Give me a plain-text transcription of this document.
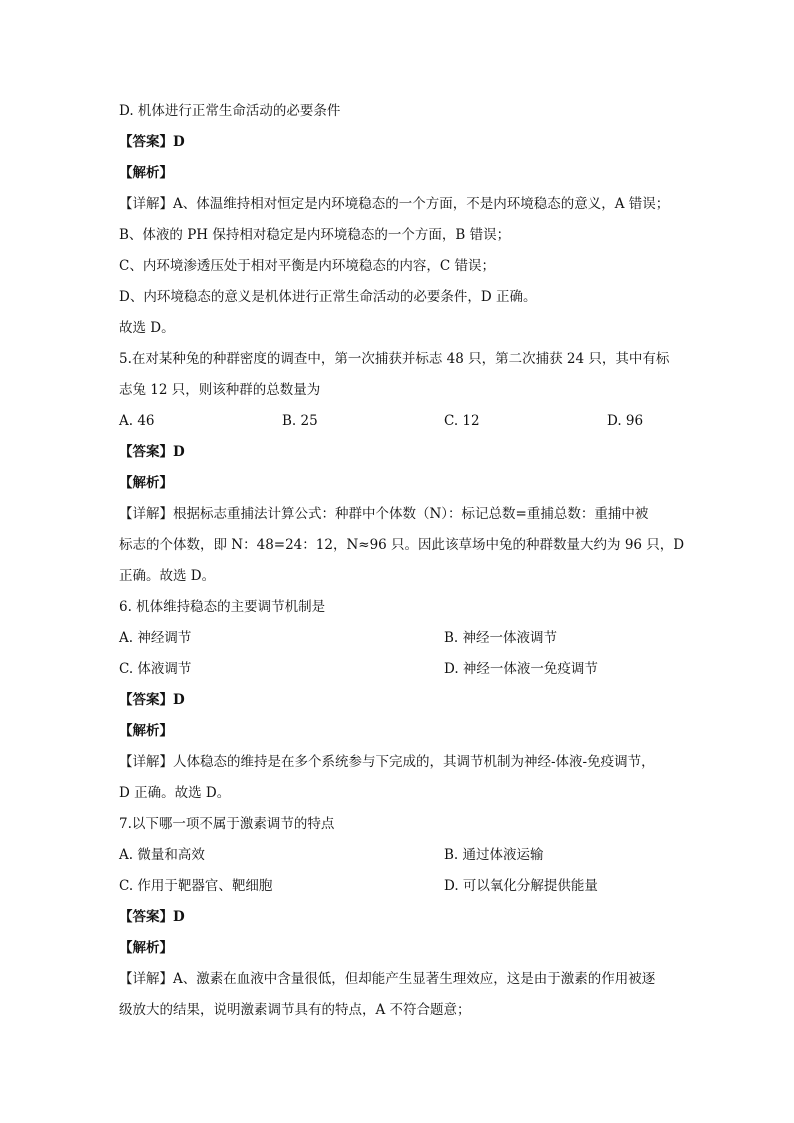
D. 机体进行正常生命活动的必要条件
【答案】D
【解析】
【详解】A、体温维持相对恒定是内环境稳态的一个方面，不是内环境稳态的意义，A 错误；
B、体液的 PH 保持相对稳定是内环境稳态的一个方面，B 错误；
C、内环境渗透压处于相对平衡是内环境稳态的内容，C 错误；
D、内环境稳态的意义是机体进行正常生命活动的必要条件，D 正确。
故选 D。
5.在对某种兔的种群密度的调查中，第一次捕获并标志 48 只，第二次捕获 24 只，其中有标
志兔 12 只，则该种群的总数量为
A. 46	B. 25	C. 12	D. 96
【答案】D
【解析】
【详解】根据标志重捕法计算公式：种群中个体数（N）：标记总数=重捕总数：重捕中被
标志的个体数，即 N：48=24：12，N≈96 只。因此该草场中兔的种群数量大约为 96 只，D
正确。故选 D。
6. 机体维持稳态的主要调节机制是
A. 神经调节	B. 神经一体液调节
C. 体液调节	D. 神经一体液一免疫调节
【答案】D
【解析】
【详解】人体稳态的维持是在多个系统参与下完成的，其调节机制为神经-体液-免疫调节，
D 正确。故选 D。
7.以下哪一项不属于激素调节的特点
A. 微量和高效	B. 通过体液运输
C. 作用于靶器官、靶细胞	D. 可以氧化分解提供能量
【答案】D
【解析】
【详解】A、激素在血液中含量很低，但却能产生显著生理效应，这是由于激素的作用被逐
级放大的结果，说明激素调节具有的特点，A 不符合题意；
